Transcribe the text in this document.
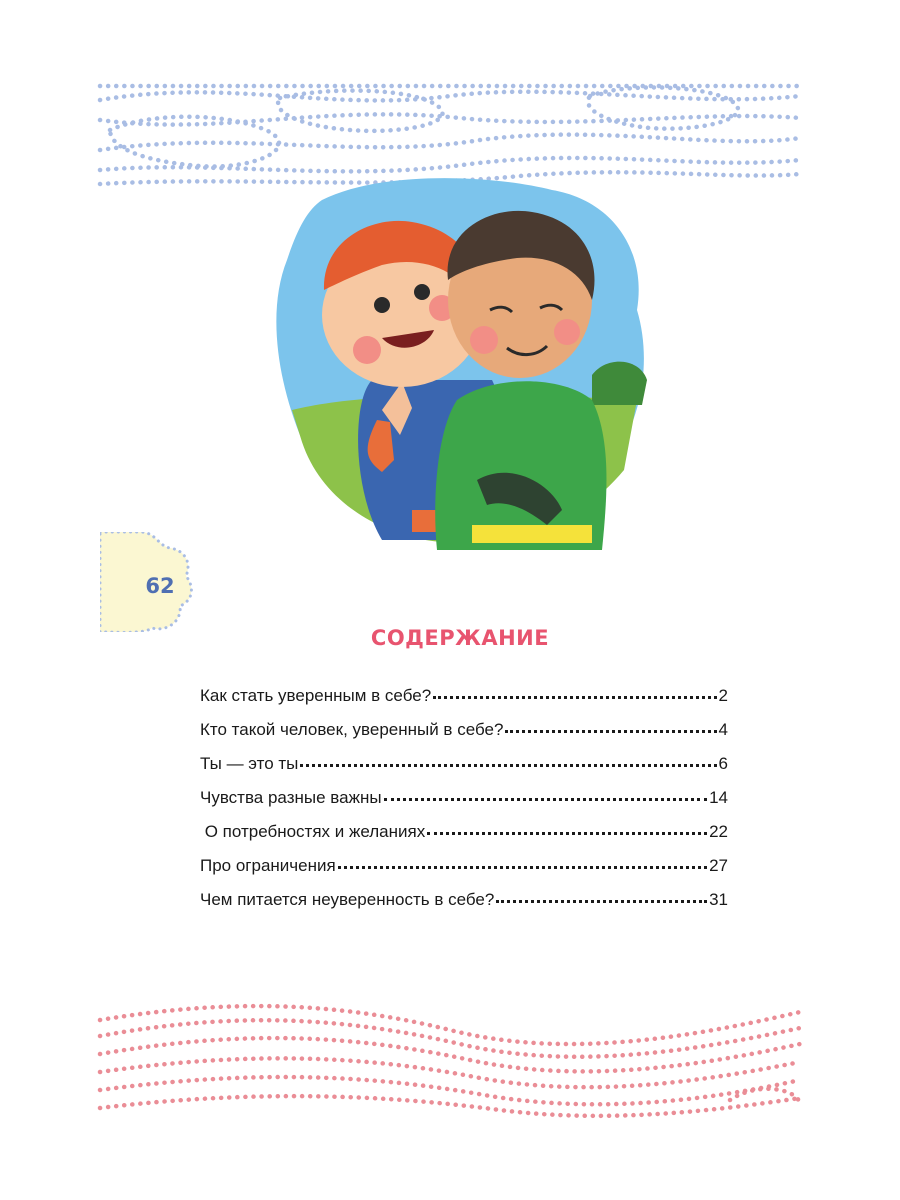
62
СОДЕРЖАНИЕ
Как стать уверенным в себе?	2
Кто такой человек, уверенный в себе?	4
Ты — это ты	6
Чувства разные важны	14
О потребностях и желаниях	22
Про ограничения	27
Чем питается неуверенность в себе?	31
